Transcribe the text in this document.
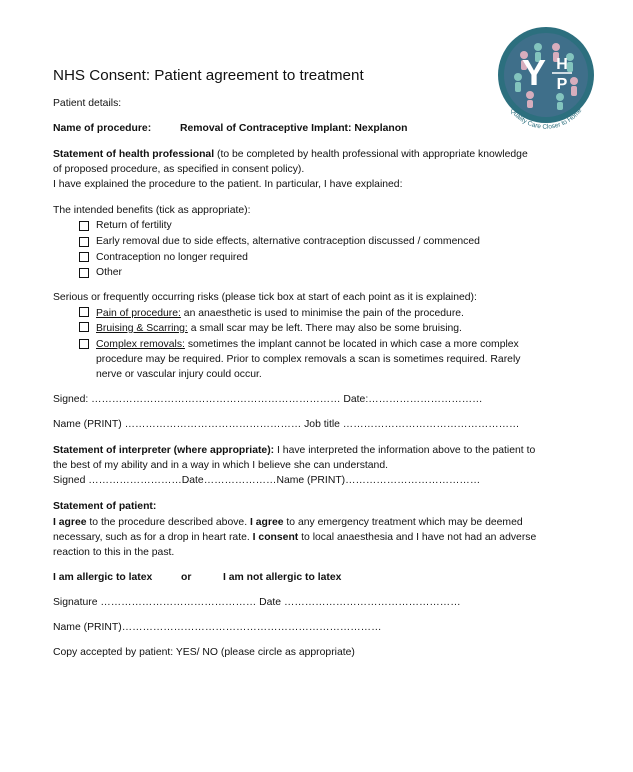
Y H
P
Quality Care Closer to Home
NHS Consent: Patient agreement to treatment
Patient details:
Name of procedure:	Removal of Contraceptive Implant: Nexplanon
Statement of health professional (to be completed by health professional with appropriate knowledge
of proposed procedure, as specified in consent policy).
I have explained the procedure to the patient. In particular, I have explained:
The intended benefits (tick as appropriate):
Return of fertility
Early removal due to side effects, alternative contraception discussed / commenced
Contraception no longer required
Other
Serious or frequently occurring risks (please tick box at start of each point as it is explained):
Pain of procedure: an anaesthetic is used to minimise the pain of the procedure.
Bruising & Scarring: a small scar may be left. There may also be some bruising.
Complex removals: sometimes the implant cannot be located in which case a more complex
procedure may be required. Prior to complex removals a scan is sometimes required. Rarely
nerve or vascular injury could occur.
Signed: ……………………………………………………………… Date:……………………………
Name (PRINT) …………………………………………… Job title ……………………………………………
Statement of interpreter (where appropriate): I have interpreted the information above to the patient to
the best of my ability and in a way in which I believe she can understand.
Signed ………………………Date…………………Name (PRINT)…………………………………
Statement of patient:
I agree to the procedure described above. I agree to any emergency treatment which may be deemed
necessary, such as for a drop in heart rate. I consent to local anaesthesia and I have not had an adverse
reaction to this in the past.
I am allergic to latex	or	I am not allergic to latex
Signature ……………………………………… Date ……………………………………………
Name (PRINT)…………………………………………………………………
Copy accepted by patient: YES/ NO (please circle as appropriate)
